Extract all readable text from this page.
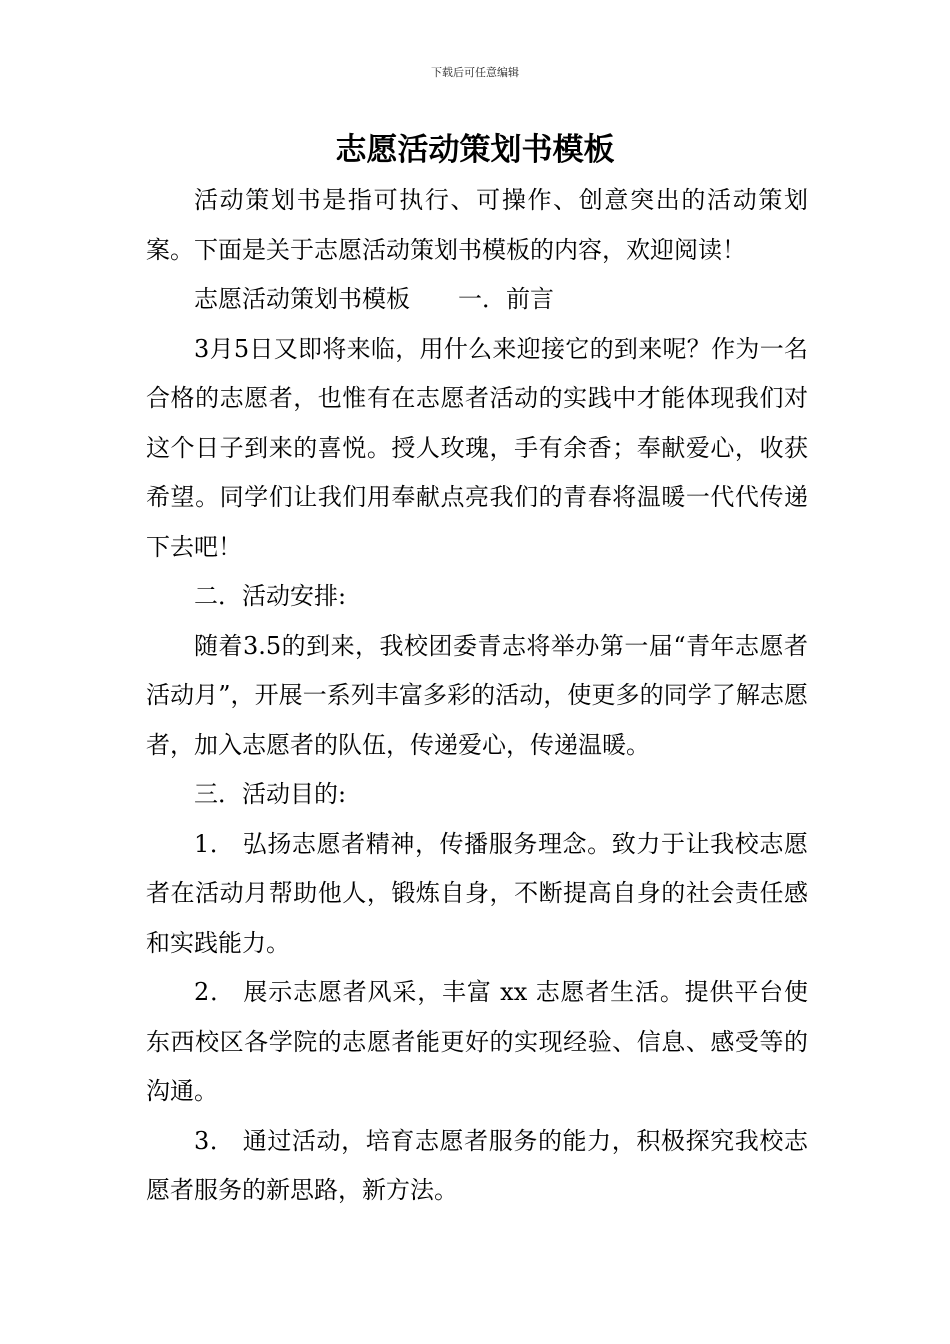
下载后可任意编辑
志愿活动策划书模板

活动策划书是指可执行、可操作、创意突出的活动策划案。下面是关于志愿活动策划书模板的内容，欢迎阅读！

志愿活动策划书模板 一．前言

3月5日又即将来临，用什么来迎接它的到来呢？作为一名合格的志愿者，也惟有在志愿者活动的实践中才能体现我们对这个日子到来的喜悦。授人玫瑰，手有余香；奉献爱心，收获希望。同学们让我们用奉献点亮我们的青春将温暖一代代传递下去吧！

二．活动安排:

随着3.5的到来，我校团委青志将举办第一届“青年志愿者活动月”，开展一系列丰富多彩的活动，使更多的同学了解志愿者，加入志愿者的队伍，传递爱心，传递温暖。

三．活动目的:

1． 弘扬志愿者精神，传播服务理念。致力于让我校志愿者在活动月帮助他人，锻炼自身，不断提高自身的社会责任感和实践能力。

2． 展示志愿者风采，丰富 xx 志愿者生活。提供平台使东西校区各学院的志愿者能更好的实现经验、信息、感受等的沟通。

3． 通过活动，培育志愿者服务的能力，积极探究我校志愿者服务的新思路，新方法。
